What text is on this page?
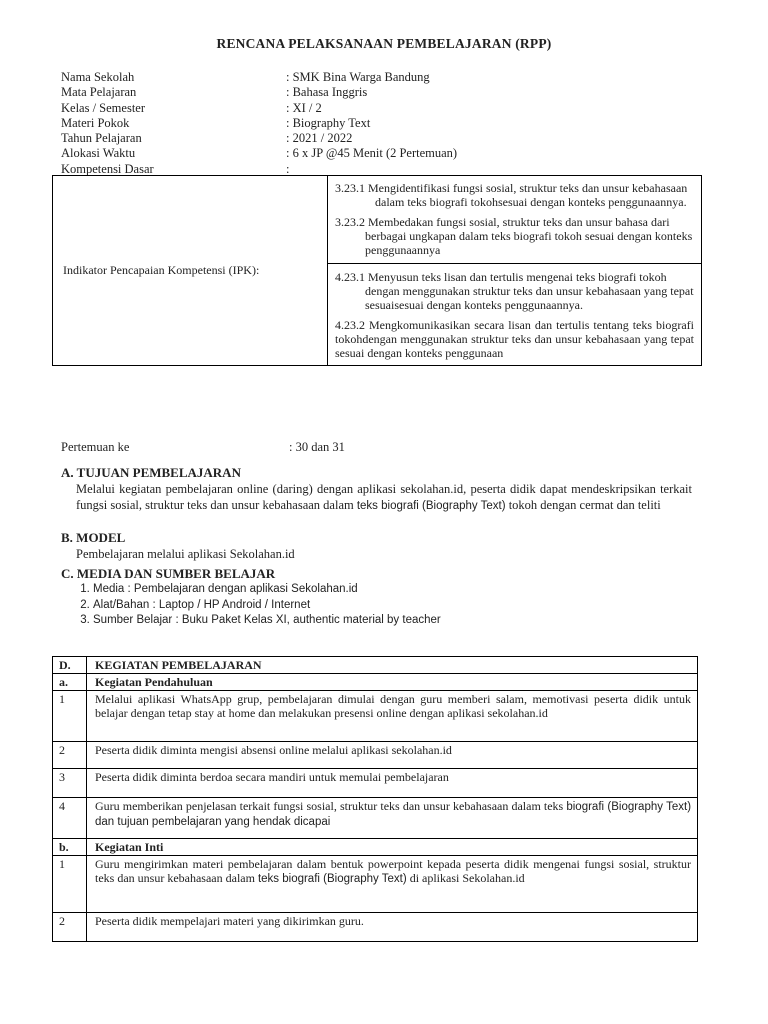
RENCANA PELAKSANAAN PEMBELAJARAN (RPP)
Nama Sekolah	: SMK Bina Warga Bandung
Mata Pelajaran	: Bahasa Inggris
Kelas / Semester	: XI / 2
Materi Pokok	: Biography Text
Tahun Pelajaran	: 2021 / 2022
Alokasi Waktu	: 6 x JP @45 Menit (2 Pertemuan)
Kompetensi Dasar	:
Indikator Pencapaian Kompetensi (IPK):	

3.23.1 Mengidentifikasi fungsi sosial, struktur teks dan unsur kebahasaan dalam teks biografi tokohsesuai dengan konteks penggunaannya.

3.23.2 Membedakan fungsi sosial, struktur teks dan unsur bahasa dari berbagai ungkapan dalam teks biografi tokoh sesuai dengan konteks penggunaannya

4.23.1 Menyusun teks lisan dan tertulis mengenai teks biografi tokoh dengan menggunakan struktur teks dan unsur kebahasaan yang tepat sesuaisesuai dengan konteks penggunaannya.

4.23.2 Mengkomunikasikan secara lisan dan tertulis tentang teks biografi tokohdengan menggunakan struktur teks dan unsur kebahasaan yang tepat sesuai dengan konteks penggunaan

Pertemuan ke	: 30 dan 31
A. TUJUAN PEMBELAJARAN
Melalui kegiatan pembelajaran online (daring) dengan aplikasi sekolahan.id, peserta didik dapat mendeskripsikan terkait fungsi sosial, struktur teks dan unsur kebahasaan dalam teks biografi (Biography Text) tokoh dengan cermat dan teliti
B. MODEL
Pembelajaran melalui aplikasi Sekolahan.id
C. MEDIA DAN SUMBER BELAJAR
1. Media : Pembelajaran dengan aplikasi Sekolahan.id
2. Alat/Bahan : Laptop / HP Android / Internet
3. Sumber Belajar : Buku Paket Kelas XI, authentic material by teacher
D.	KEGIATAN PEMBELAJARAN
a.	Kegiatan Pendahuluan
1	Melalui aplikasi WhatsApp grup, pembelajaran dimulai dengan guru memberi salam, memotivasi peserta didik untuk belajar dengan tetap stay at home dan melakukan presensi online dengan aplikasi sekolahan.id
2	Peserta didik diminta mengisi absensi online melalui aplikasi sekolahan.id
3	Peserta didik diminta berdoa secara mandiri untuk memulai pembelajaran
4	Guru memberikan penjelasan terkait fungsi sosial, struktur teks dan unsur kebahasaan dalam teks biografi (Biography Text) dan tujuan pembelajaran yang hendak dicapai
b.	Kegiatan Inti
1	Guru mengirimkan materi pembelajaran dalam bentuk powerpoint kepada peserta didik mengenai fungsi sosial, struktur teks dan unsur kebahasaan dalam teks biografi (Biography Text) di aplikasi Sekolahan.id
2	Peserta didik mempelajari materi yang dikirimkan guru.
